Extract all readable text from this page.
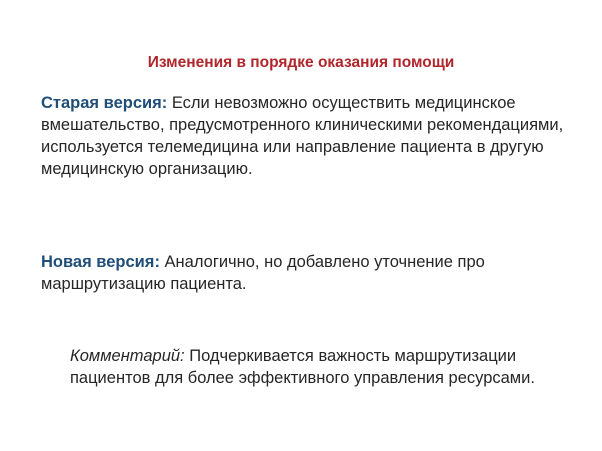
Изменения в порядке оказания помощи
Старая версия: Если невозможно осуществить медицинское вмешательство, предусмотренного клиническими рекомендациями, используется телемедицина или направление пациента в другую медицинскую организацию.
Новая версия: Аналогично, но добавлено уточнение про маршрутизацию пациента.
Комментарий: Подчеркивается важность маршрутизации пациентов для более эффективного управления ресурсами.
